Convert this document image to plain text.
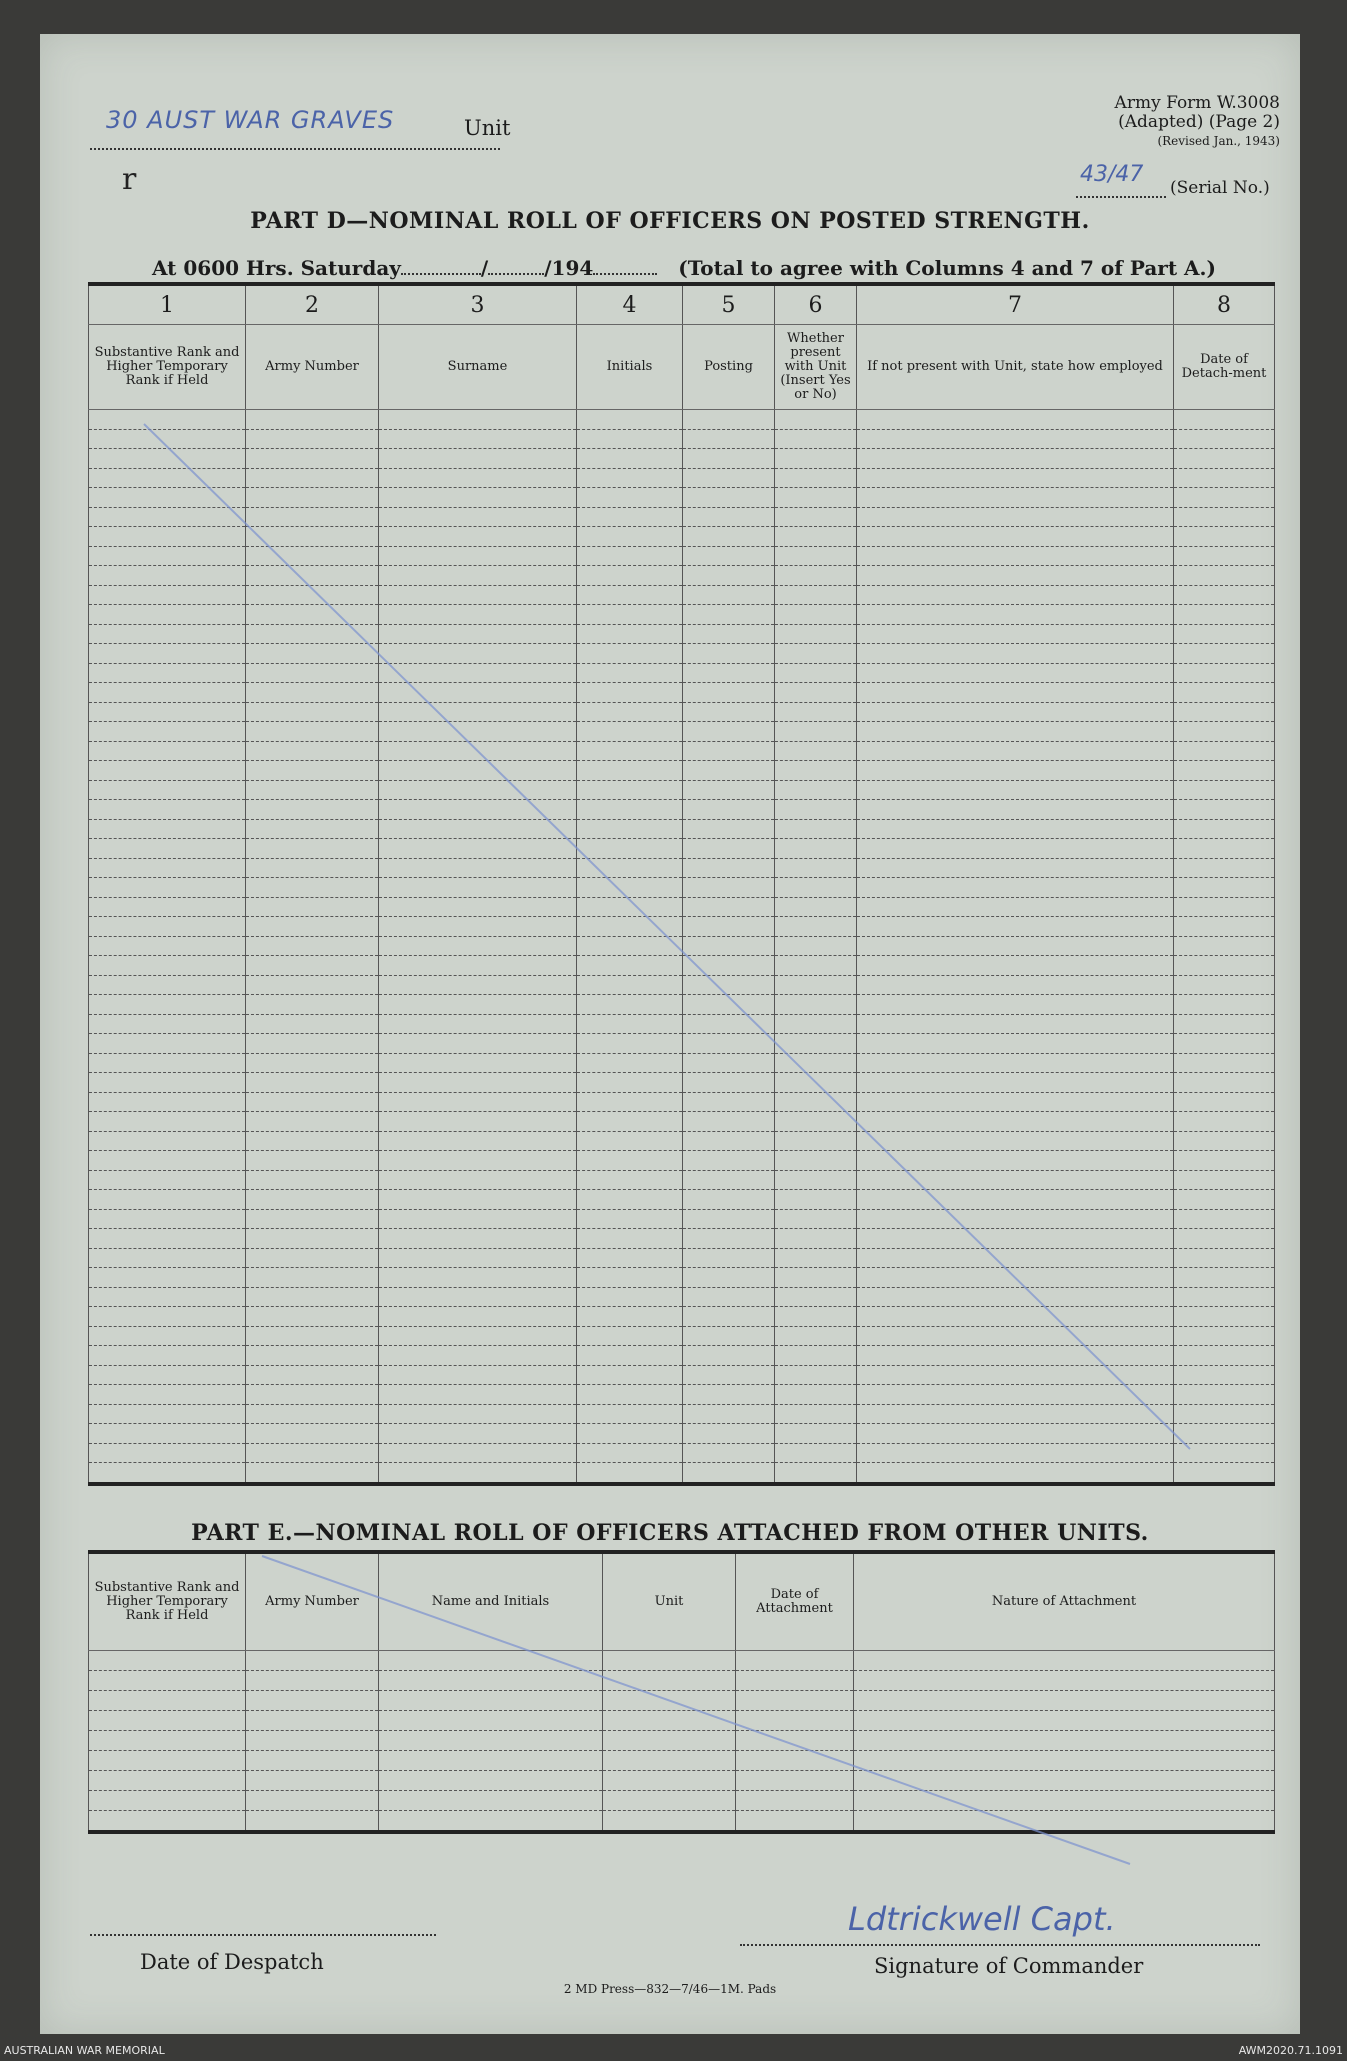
30 AUST WAR GRAVES	Unit
Army Form W.3008
(Adapted) (Page 2)
(Revised Jan., 1943)
43/47
(Serial No.)
r
PART D—NOMINAL ROLL OF OFFICERS ON POSTED STRENGTH.
At 0600 Hrs. Saturday	/	/194	(Total to agree with Columns 4 and 7 of Part A.)
1	2	3	4	5	6	7	8
Substantive Rank and Higher Temporary Rank if Held	Army Number	Surname	Initials	Posting	Whether present with Unit (Insert Yes or No)	If not present with Unit, state how employed	Date of Detach-ment

PART E.—NOMINAL ROLL OF OFFICERS ATTACHED FROM OTHER UNITS.
Substantive Rank and Higher Temporary Rank if Held	Army Number	Name and Initials	Unit	Date of Attachment	Nature of Attachment

Date of Despatch
Ldtrickwell Capt.
Signature of Commander
2 MD Press—832—7/46—1M. Pads
AUSTRALIAN WAR MEMORIAL	AWM2020.71.1091
